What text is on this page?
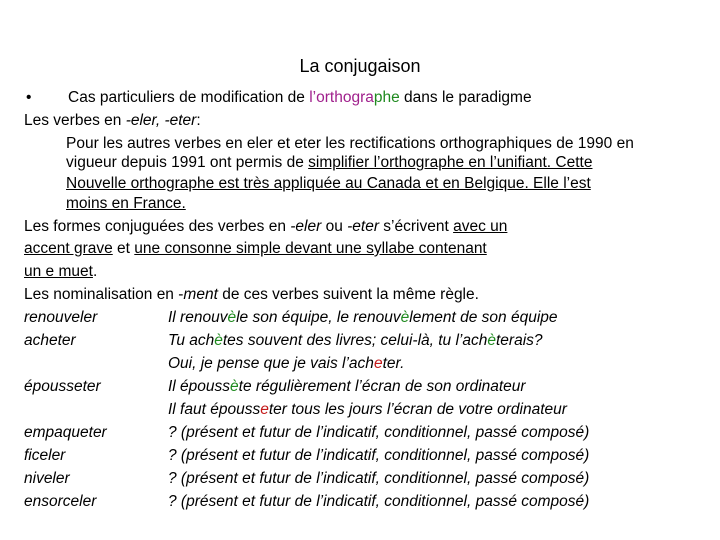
La conjugaison
• Cas particuliers de modification de l’orthographe dans le paradigme
Les verbes en -eler, -eter:
Pour les autres verbes en eler et eter les rectifications orthographiques de 1990 en
vigueur depuis 1991 ont permis de simplifier l’orthographe en l’unifiant. Cette
Nouvelle orthographe est très appliquée au Canada et en Belgique. Elle l’est
moins en France.
Les formes conjuguées des verbes en -eler ou -eter s’écrivent avec un
accent grave et une consonne simple devant une syllabe contenant
un e muet.
Les nominalisation en ‑ment de ces verbes suivent la même règle.
renouveler	Il renouvèle son équipe, le renouvèlement de son équipe
acheter	Tu achètes souvent des livres; celui-là, tu l’achèterais?
Oui, je pense que je vais l’acheter.
épousseter	Il époussète régulièrement l’écran de son ordinateur
Il faut épousseter tous les jours l’écran de votre ordinateur
empaqueter	? (présent et futur de l’indicatif, conditionnel, passé composé)
ficeler	? (présent et futur de l’indicatif, conditionnel, passé composé)
niveler	? (présent et futur de l’indicatif, conditionnel, passé composé)
ensorceler	? (présent et futur de l’indicatif, conditionnel, passé composé)
